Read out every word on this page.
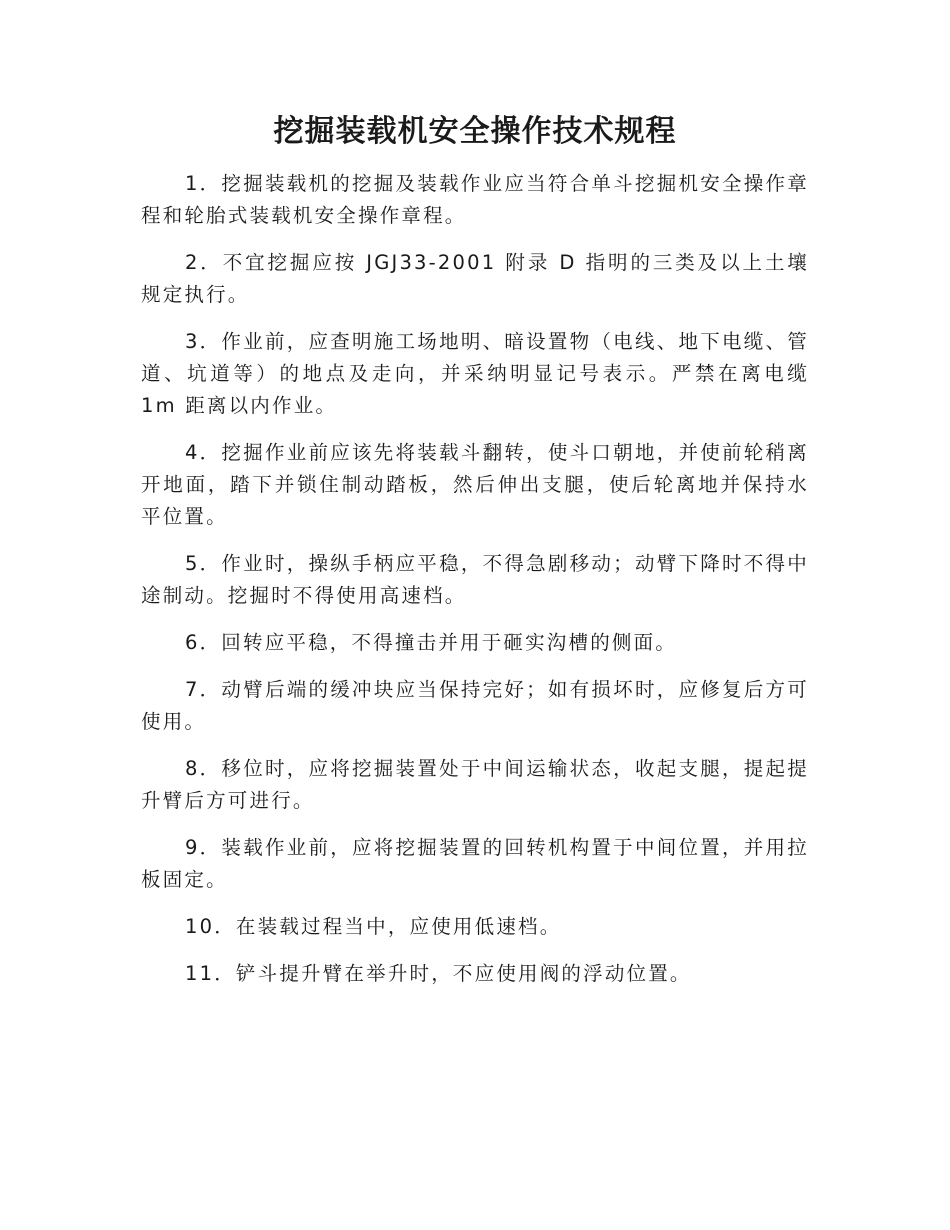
挖掘装载机安全操作技术规程

1．挖掘装载机的挖掘及装载作业应当符合单斗挖掘机安全操作章程和轮胎式装载机安全操作章程。

2．不宜挖掘应按 JGJ33-2001 附录 D 指明的三类及以上土壤规定执行。

3．作业前，应查明施工场地明、暗设置物（电线、地下电缆、管道、坑道等）的地点及走向，并采纳明显记号表示。严禁在离电缆 1m 距离以内作业。

4．挖掘作业前应该先将装载斗翻转，使斗口朝地，并使前轮稍离开地面，踏下并锁住制动踏板，然后伸出支腿，使后轮离地并保持水平位置。

5．作业时，操纵手柄应平稳，不得急剧移动；动臂下降时不得中途制动。挖掘时不得使用高速档。

6．回转应平稳，不得撞击并用于砸实沟槽的侧面。

7．动臂后端的缓冲块应当保持完好；如有损坏时，应修复后方可使用。

8．移位时，应将挖掘装置处于中间运输状态，收起支腿，提起提升臂后方可进行。

9．装载作业前，应将挖掘装置的回转机构置于中间位置，并用拉板固定。

10．在装载过程当中，应使用低速档。

11．铲斗提升臂在举升时，不应使用阀的浮动位置。
